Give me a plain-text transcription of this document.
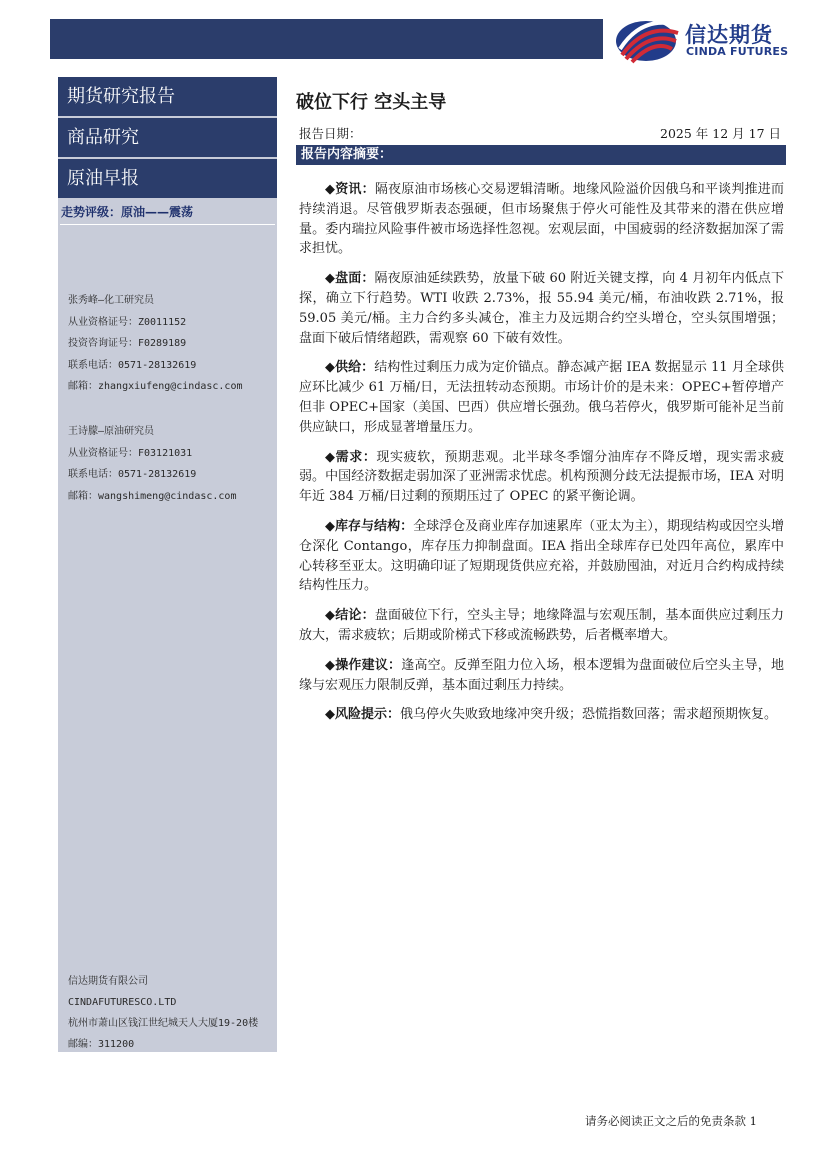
信达期货
CINDA FUTURES
期货研究报告
商品研究
原油早报
走势评级：原油——震荡
张秀峰—化工研究员
从业资格证号：Z0011152
投资咨询证号：F0289189
联系电话：0571-28132619
邮箱：zhangxiufeng@cindasc.com
王诗朦—原油研究员
从业资格证号：F03121031
联系电话：0571-28132619
邮箱：wangshimeng@cindasc.com
信达期货有限公司
CINDAFUTURESCO.LTD
杭州市萧山区钱江世纪城天人大厦19-20楼
邮编：311200
破位下行 空头主导
报告日期：	2025 年 12 月 17 日
报告内容摘要：

◆资讯：隔夜原油市场核心交易逻辑清晰。地缘风险溢价因俄乌和平谈判推进而持续消退。尽管俄罗斯表态强硬，但市场聚焦于停火可能性及其带来的潜在供应增量。委内瑞拉风险事件被市场选择性忽视。宏观层面，中国疲弱的经济数据加深了需求担忧。

◆盘面：隔夜原油延续跌势，放量下破 60 附近关键支撑，向 4 月初年内低点下探，确立下行趋势。WTI 收跌 2.73%，报 55.94 美元/桶，布油收跌 2.71%，报 59.05 美元/桶。主力合约多头减仓，准主力及远期合约空头增仓，空头氛围增强；盘面下破后情绪超跌，需观察 60 下破有效性。

◆供给：结构性过剩压力成为定价锚点。静态减产据 IEA 数据显示 11 月全球供应环比减少 61 万桶/日，无法扭转动态预期。市场计价的是未来：OPEC+暂停增产但非 OPEC+国家（美国、巴西）供应增长强劲。俄乌若停火，俄罗斯可能补足当前供应缺口，形成显著增量压力。

◆需求：现实疲软，预期悲观。北半球冬季馏分油库存不降反增，现实需求疲弱。中国经济数据走弱加深了亚洲需求忧虑。机构预测分歧无法提振市场，IEA 对明年近 384 万桶/日过剩的预期压过了 OPEC 的紧平衡论调。

◆库存与结构：全球浮仓及商业库存加速累库（亚太为主），期现结构或因空头增仓深化 Contango，库存压力抑制盘面。IEA 指出全球库存已处四年高位，累库中心转移至亚太。这明确印证了短期现货供应充裕，并鼓励囤油，对近月合约构成持续结构性压力。

◆结论：盘面破位下行，空头主导；地缘降温与宏观压制，基本面供应过剩压力放大，需求疲软；后期或阶梯式下移或流畅跌势，后者概率增大。

◆操作建议：逢高空。反弹至阻力位入场，根本逻辑为盘面破位后空头主导，地缘与宏观压力限制反弹，基本面过剩压力持续。

◆风险提示：俄乌停火失败致地缘冲突升级；恐慌指数回落；需求超预期恢复。

请务必阅读正文之后的免责条款 1
